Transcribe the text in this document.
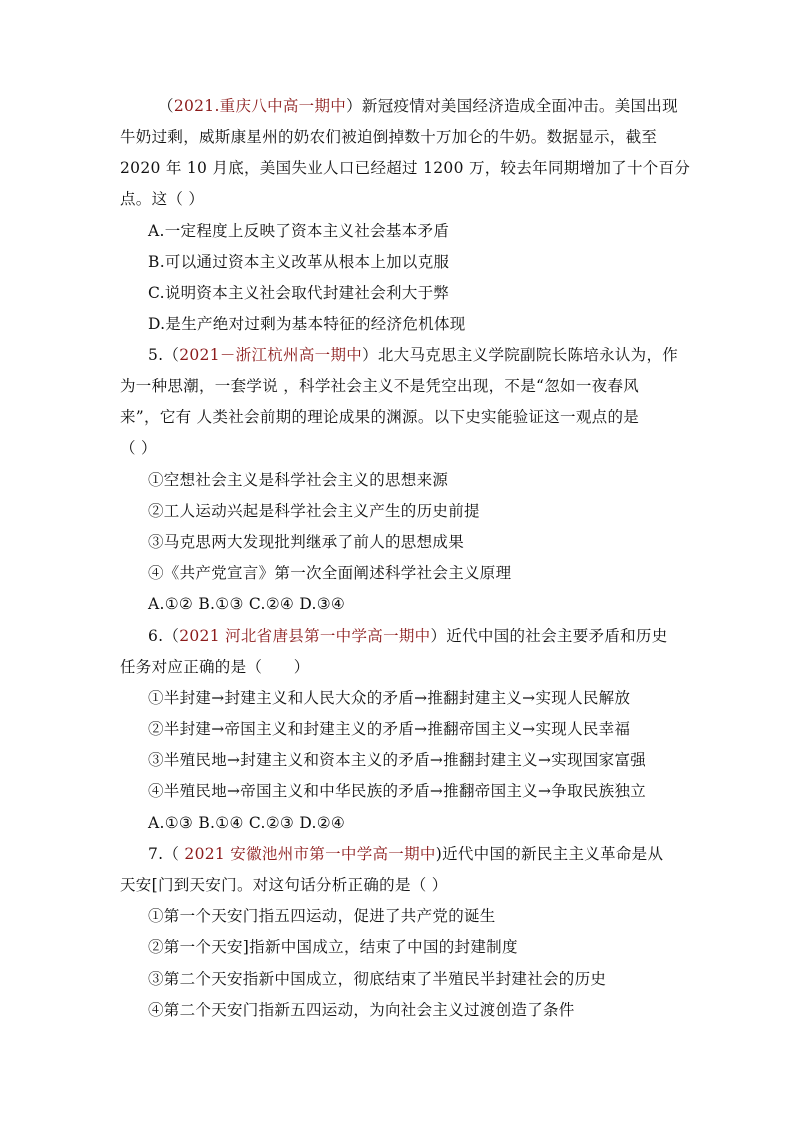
（2021.重庆八中高一期中）新冠疫情对美国经济造成全面冲击。美国出现
牛奶过剩，威斯康星州的奶农们被迫倒掉数十万加仑的牛奶。数据显示，截至
2020 年 10 月底，美国失业人口已经超过 1200 万，较去年同期增加了十个百分
点。这（ ）
A.一定程度上反映了资本主义社会基本矛盾
B.可以通过资本主义改革从根本上加以克服
C.说明资本主义社会取代封建社会利大于弊
D.是生产绝对过剩为基本特征的经济危机体现
5.（2021－浙江杭州高一期中）北大马克思主义学院副院长陈培永认为，作
为一种思潮，一套学说 ，科学社会主义不是凭空出现，不是“忽如一夜春风
来”，它有 人类社会前期的理论成果的渊源。以下史实能验证这一观点的是
（ ）
①空想社会主义是科学社会主义的思想来源
②工人运动兴起是科学社会主义产生的历史前提
③马克思两大发现批判继承了前人的思想成果
④《共产党宣言》第一次全面阐述科学社会主义原理
A.①② B.①③ C.②④ D.③④
6.（2021 河北省唐县第一中学高一期中）近代中国的社会主要矛盾和历史
任务对应正确的是（　　）
①半封建→封建主义和人民大众的矛盾→推翻封建主义→实现人民解放
②半封建→帝国主义和封建主义的矛盾→推翻帝国主义→实现人民幸福
③半殖民地→封建主义和资本主义的矛盾→推翻封建主义→实现国家富强
④半殖民地→帝国主义和中华民族的矛盾→推翻帝国主义→争取民族独立
A.①③ B.①④ C.②③ D.②④
7.（ 2021 安徽池州市第一中学高一期中)近代中国的新民主主义革命是从
天安[门到天安门。对这句话分析正确的是（ ）
①第一个天安门指五四运动，促进了共产党的诞生
②第一个天安]指新中国成立，结束了中国的封建制度
③第二个天安指新中国成立，彻底结束了半殖民半封建社会的历史
④第二个天安门指新五四运动，为向社会主义过渡创造了条件
